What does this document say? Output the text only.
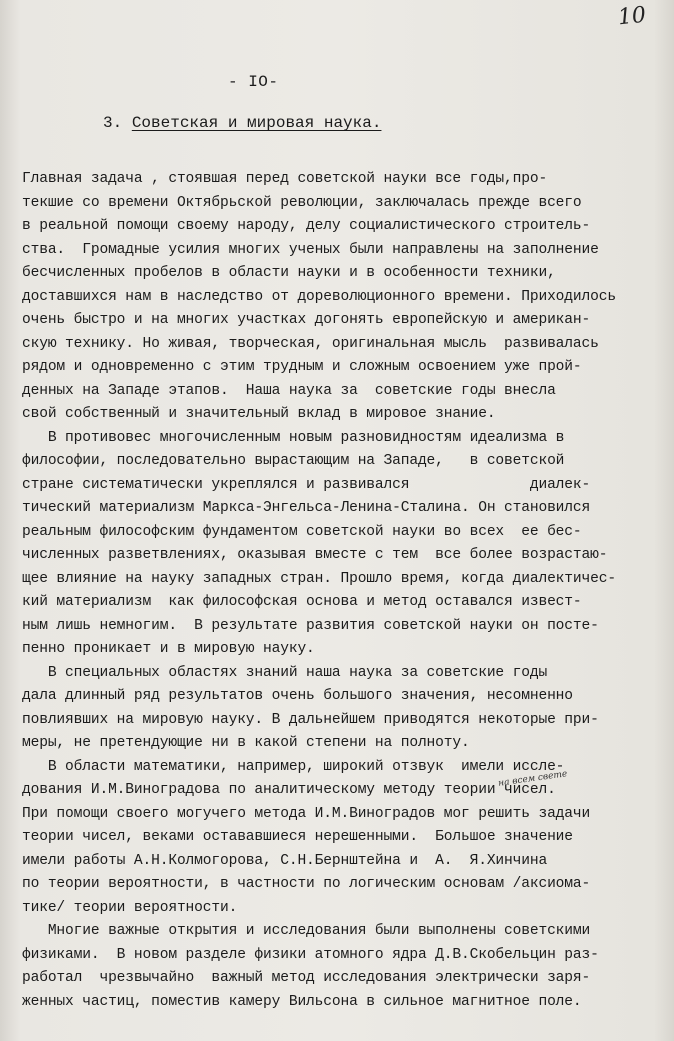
10
- IO-
3. Советская и мировая наука.
на всем свете
Главная задача , стоявшая перед советской науки все годы,про-
текшие со времени Октябрьской революции, заключалась прежде всего
в реальной помощи своему народу, делу социалистического строитель-
ства.  Громадные усилия многих ученых были направлены на заполнение
бесчисленных пробелов в области науки и в особенности техники,
доставшихся нам в наследство от дореволюционного времени. Приходилось
очень быстро и на многих участках догонять европейскую и американ-
скую технику. Но живая, творческая, оригинальная мысль  развивалась
рядом и одновременно с этим трудным и сложным освоением уже прой-
денных на Западе этапов.  Наша наука за  советские годы внесла
свой собственный и значительный вклад в мировое знание.
В противовес многочисленным новым разновидностям идеализма в
философии, последовательно вырастающим на Западе,   в советской
стране систематически укреплялся и развивался              диалек-
тический материализм Маркса-Энгельса-Ленина-Сталина. Он становился
реальным философским фундаментом советской науки во всех  ее бес-
численных разветвлениях, оказывая вместе с тем  все более возрастаю-
щее влияние на науку западных стран. Прошло время, когда диалектичес-
кий материализм  как философская основа и метод оставался извест-
ным лишь немногим.  В результате развития советской науки он посте-
пенно проникает и в мировую науку.
В специальных областях знаний наша наука за советские годы
дала длинный ряд результатов очень большого значения, несомненно
повлиявших на мировую науку. В дальнейшем приводятся некоторые при-
меры, не претендующие ни в какой степени на полноту.
В области математики, например, широкий отзвук  имели иссле-
дования И.М.Виноградова по аналитическому методу теории чисел.
При помощи своего могучего метода И.М.Виноградов мог решить задачи
теории чисел, веками остававшиеся нерешенными.  Большое значение
имели работы А.Н.Колмогорова, С.Н.Бернштейна и  А.  Я.Хинчина
по теории вероятности, в частности по логическим основам /аксиома-
тике/ теории вероятности.
Многие важные открытия и исследования были выполнены советскими
физиками.  В новом разделе физики атомного ядра Д.В.Скобельцин раз-
работал  чрезвычайно  важный метод исследования электрически заря-
женных частиц, поместив камеру Вильсона в сильное магнитное поле.
